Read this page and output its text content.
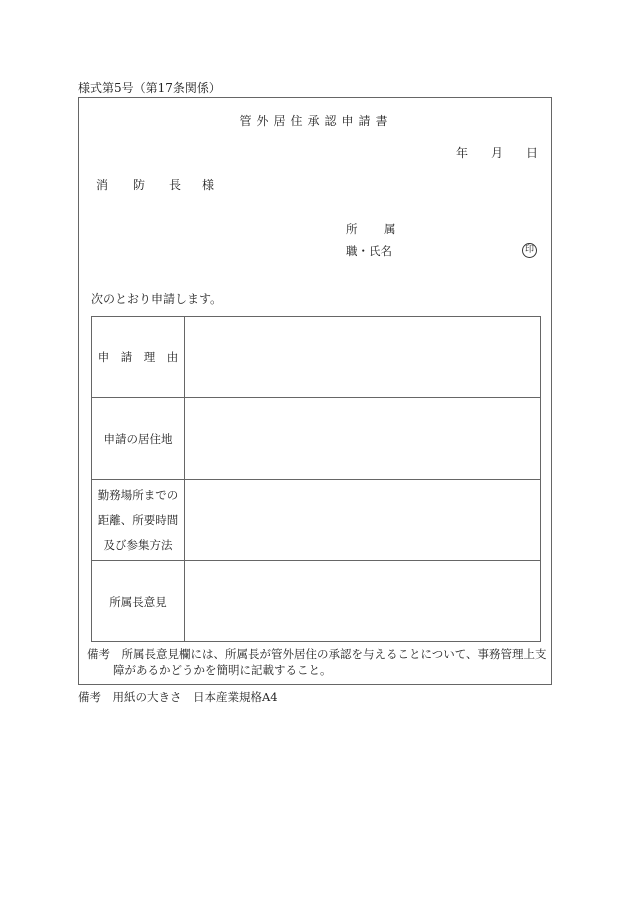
様式第5号（第17条関係）
管外居住承認申請書
年 月 日
消 防 長 様
所 属
職・氏名	印
次のとおり申請します。
申　請　理　由
申請の居住地
勤務場所までの
距離、所要時間
及び参集方法
所属長意見
備考　 所属長意見欄には、所属長が管外居住の承認を与えることについて、事務管理上支
障があるかどうかを簡明に記載すること。
備考　 用紙の大きさ　日本産業規格A4
